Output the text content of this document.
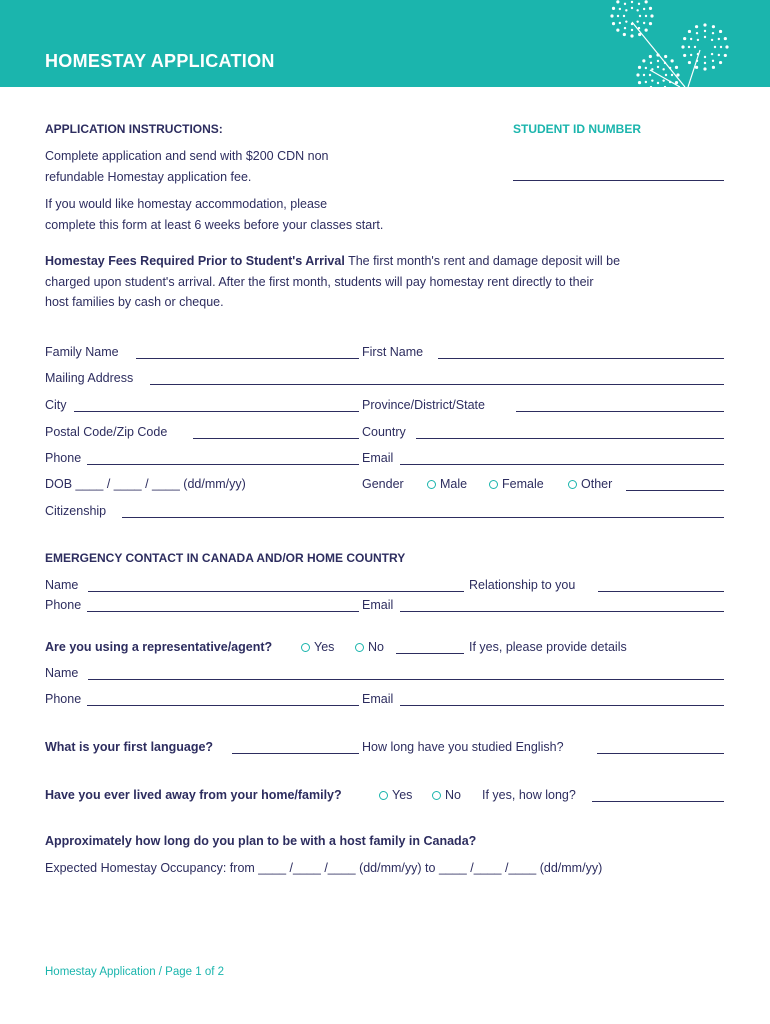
HOMESTAY APPLICATION
APPLICATION INSTRUCTIONS:
Complete application and send with $200 CDN non
refundable Homestay application fee.
If you would like homestay accommodation, please
complete this form at least 6 weeks before your classes start.
STUDENT ID NUMBER
Homestay Fees Required Prior to Student's Arrival The first month's rent and damage deposit will be
charged upon student's arrival. After the first month, students will pay homestay rent directly to their
host families by cash or cheque.
Family Name	First Name
Mailing Address
City	Province/District/State
Postal Code/Zip Code	Country
Phone	Email
DOB ____ / ____ / ____ (dd/mm/yy)	Gender	Male	Female	Other
Citizenship
EMERGENCY CONTACT IN CANADA AND/OR HOME COUNTRY
Name	Relationship to you
Phone	Email
Are you using a representative/agent?	Yes	No	If yes, please provide details
Name
Phone	Email
What is your first language?	How long have you studied English?
Have you ever lived away from your home/family?	Yes	No If yes, how long?
Approximately how long do you plan to be with a host family in Canada?
Expected Homestay Occupancy: from ____ /____ /____ (dd/mm/yy) to ____ /____ /____ (dd/mm/yy)
Homestay Application / Page 1 of 2
